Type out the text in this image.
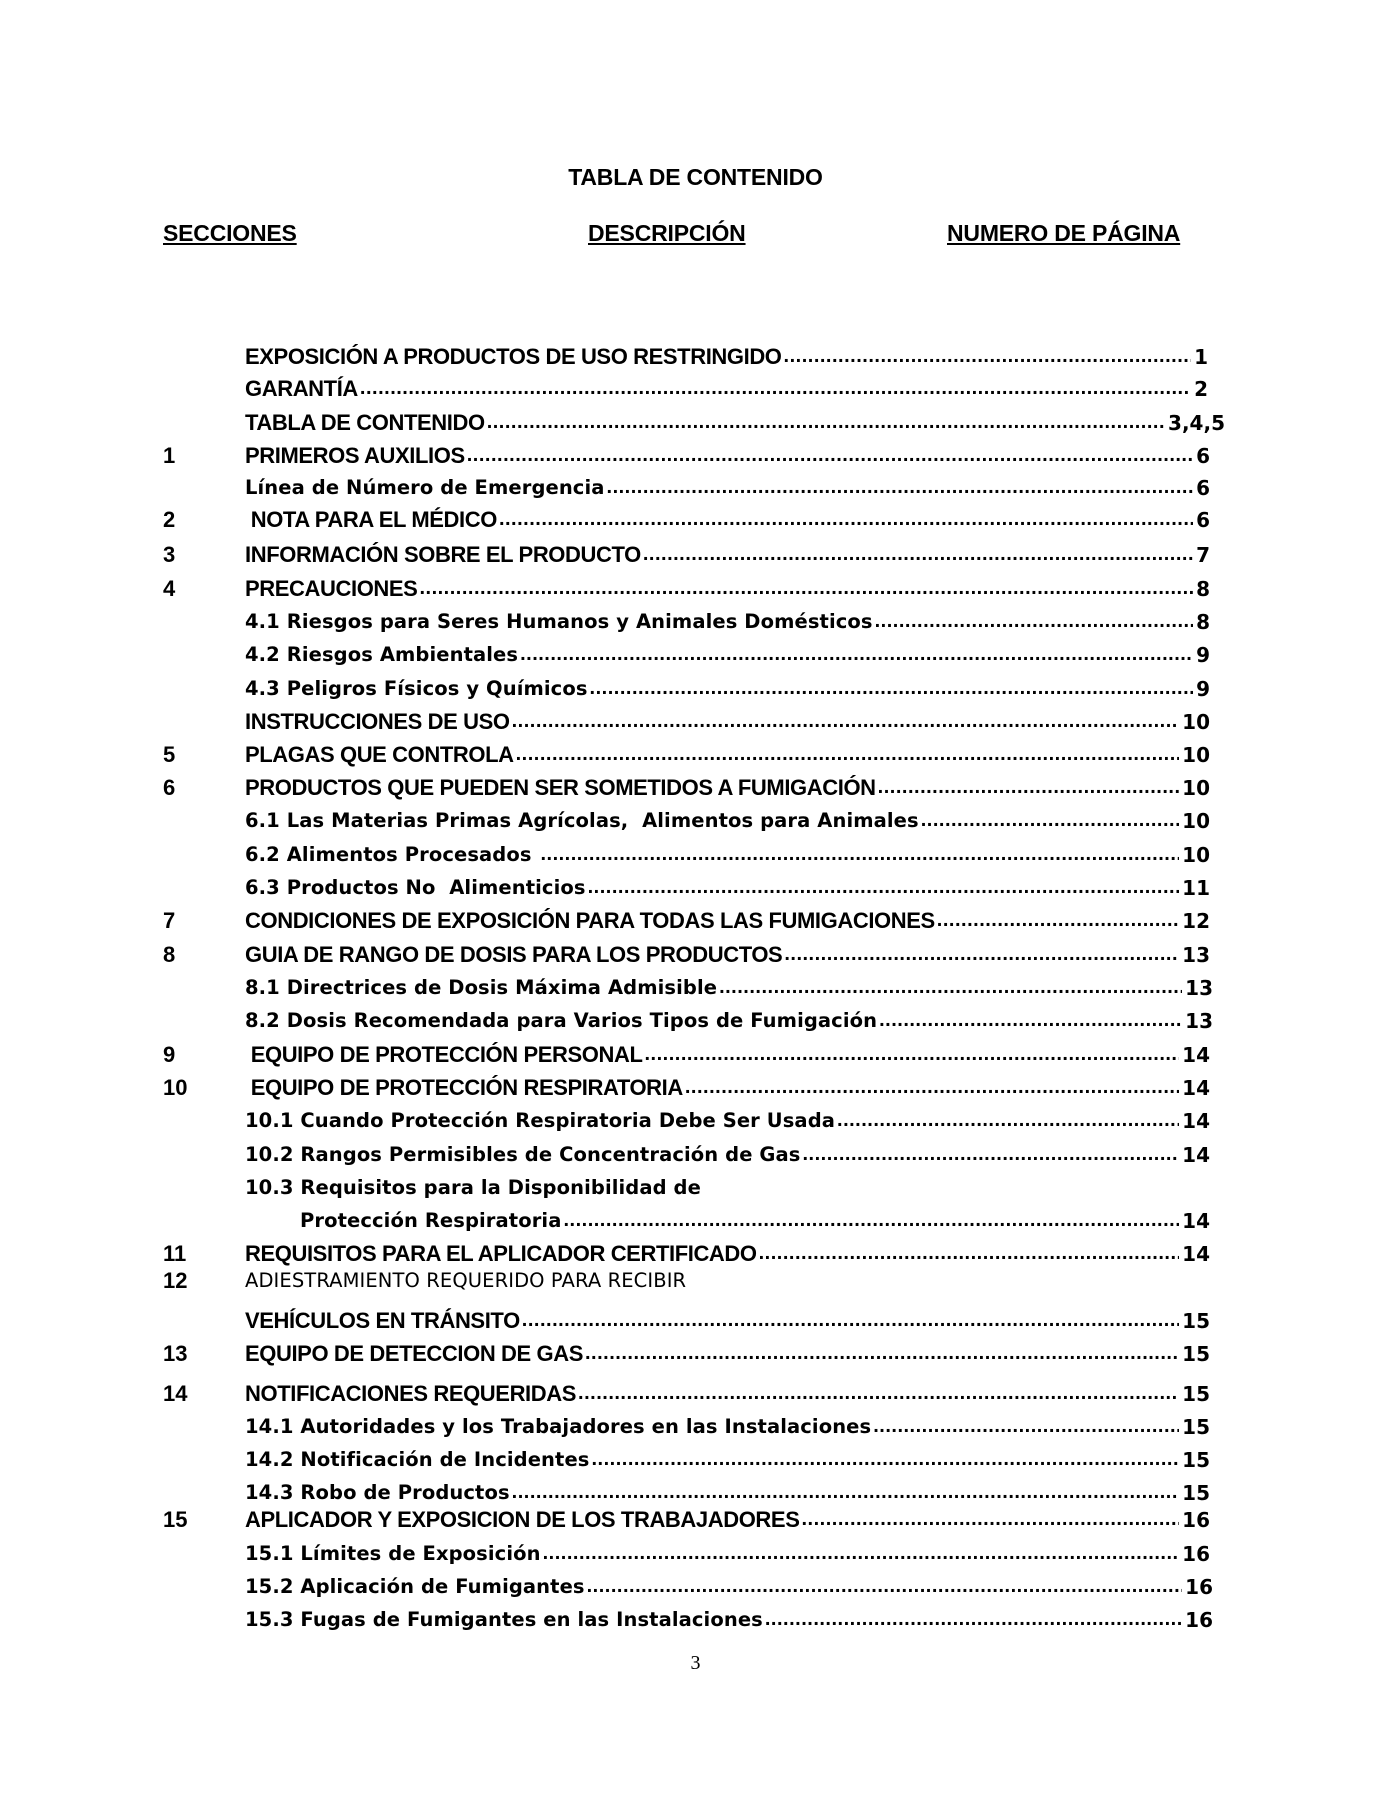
TABLA DE CONTENIDO
SECCIONES	DESCRIPCIÓN	NUMERO DE PÁGINA
EXPOSICIÓN A PRODUCTOS DE USO RESTRINGIDO .....	1
GARANTÍA .....	2
TABLA DE CONTENIDO .....	3,4,5
1	PRIMEROS AUXILIOS .....	6
Línea de Número de Emergencia .....	6
2	NOTA PARA EL MÉDICO .....	6
3	INFORMACIÓN SOBRE EL PRODUCTO .....	7
4	PRECAUCIONES .....	8
4.1 Riesgos para Seres Humanos y Animales Domésticos .....	8
4.2 Riesgos Ambientales .....	9
4.3 Peligros Físicos y Químicos .....	9
INSTRUCCIONES DE USO .....	10
5	PLAGAS QUE CONTROLA .....	10
6	PRODUCTOS QUE PUEDEN SER SOMETIDOS A FUMIGACIÓN .....	10
6.1 Las Materias Primas Agrícolas,  Alimentos para Animales .....	10
6.2 Alimentos Procesados .....	10
6.3 Productos No  Alimenticios .....	11
7	CONDICIONES DE EXPOSICIÓN PARA TODAS LAS FUMIGACIONES .....	12
8	GUIA DE RANGO DE DOSIS PARA LOS PRODUCTOS .....	13
8.1 Directrices de Dosis Máxima Admisible .....	13
8.2 Dosis Recomendada para Varios Tipos de Fumigación .....	13
9	EQUIPO DE PROTECCIÓN PERSONAL .....	14
10	EQUIPO DE PROTECCIÓN RESPIRATORIA .....	14
10.1 Cuando Protección Respiratoria Debe Ser Usada .....	14
10.2 Rangos Permisibles de Concentración de Gas .....	14
10.3 Requisitos para la Disponibilidad de
Protección Respiratoria .....	14
11	REQUISITOS PARA EL APLICADOR CERTIFICADO .....	14
12	ADIESTRAMIENTO REQUERIDO PARA RECIBIR
VEHÍCULOS EN TRÁNSITO .....	15
13	EQUIPO DE DETECCION DE GAS .....	15
14	NOTIFICACIONES REQUERIDAS .....	15
14.1 Autoridades y los Trabajadores en las Instalaciones .....	15
14.2 Notificación de Incidentes .....	15
14.3 Robo de Productos .....	15
15	APLICADOR Y EXPOSICION DE LOS TRABAJADORES .....	16
15.1 Límites de Exposición .....	16
15.2 Aplicación de Fumigantes .....	16
15.3 Fugas de Fumigantes en las Instalaciones .....	16
3
